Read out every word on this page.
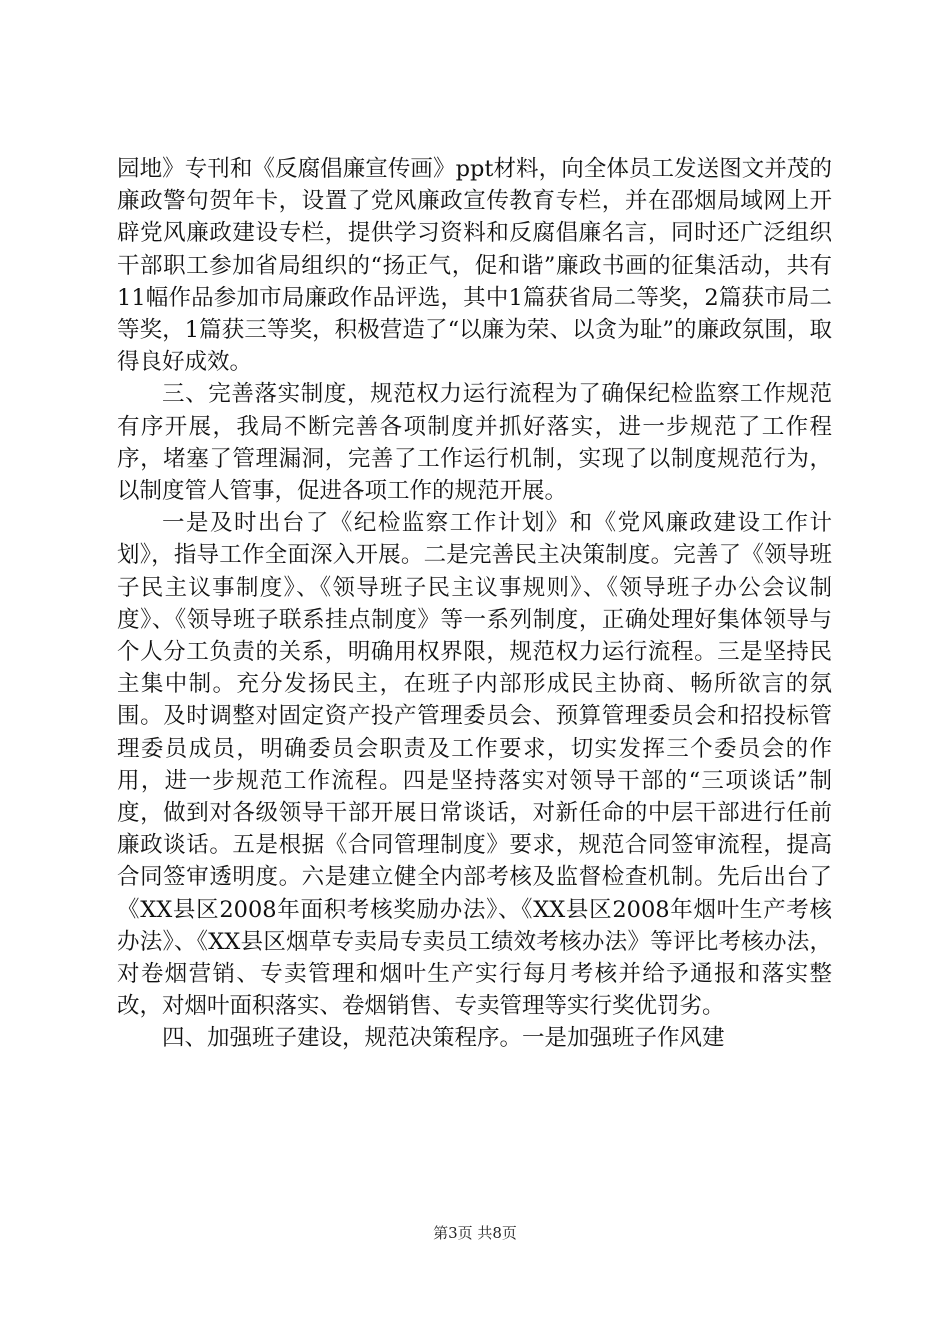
园地》专刊和《反腐倡廉宣传画》ppt材料，向全体员工发送图文并茂的廉政警句贺年卡，设置了党风廉政宣传教育专栏，并在邵烟局域网上开辟党风廉政建设专栏，提供学习资料和反腐倡廉名言，同时还广泛组织干部职工参加省局组织的“扬正气，促和谐”廉政书画的征集活动，共有11幅作品参加市局廉政作品评选，其中1篇获省局二等奖，2篇获市局二等奖，1篇获三等奖，积极营造了“以廉为荣、以贪为耻”的廉政氛围，取得良好成效。

三、完善落实制度，规范权力运行流程为了确保纪检监察工作规范有序开展，我局不断完善各项制度并抓好落实，进一步规范了工作程序，堵塞了管理漏洞，完善了工作运行机制，实现了以制度规范行为，以制度管人管事，促进各项工作的规范开展。

一是及时出台了《纪检监察工作计划》和《党风廉政建设工作计划》，指导工作全面深入开展。二是完善民主决策制度。完善了《领导班子民主议事制度》、《领导班子民主议事规则》、《领导班子办公会议制度》、《领导班子联系挂点制度》等一系列制度，正确处理好集体领导与个人分工负责的关系，明确用权界限，规范权力运行流程。三是坚持民主集中制。充分发扬民主，在班子内部形成民主协商、畅所欲言的氛围。及时调整对固定资产投产管理委员会、预算管理委员会和招投标管理委员成员，明确委员会职责及工作要求，切实发挥三个委员会的作用，进一步规范工作流程。四是坚持落实对领导干部的“三项谈话”制度，做到对各级领导干部开展日常谈话，对新任命的中层干部进行任前廉政谈话。五是根据《合同管理制度》要求，规范合同签审流程，提高合同签审透明度。六是建立健全内部考核及监督检查机制。先后出台了《XX县区2008年面积考核奖励办法》、《XX县区2008年烟叶生产考核办法》、《XX县区烟草专卖局专卖员工绩效考核办法》等评比考核办法，对卷烟营销、专卖管理和烟叶生产实行每月考核并给予通报和落实整改，对烟叶面积落实、卷烟销售、专卖管理等实行奖优罚劣。

四、加强班子建设，规范决策程序。一是加强班子作风建

第3页 共8页
